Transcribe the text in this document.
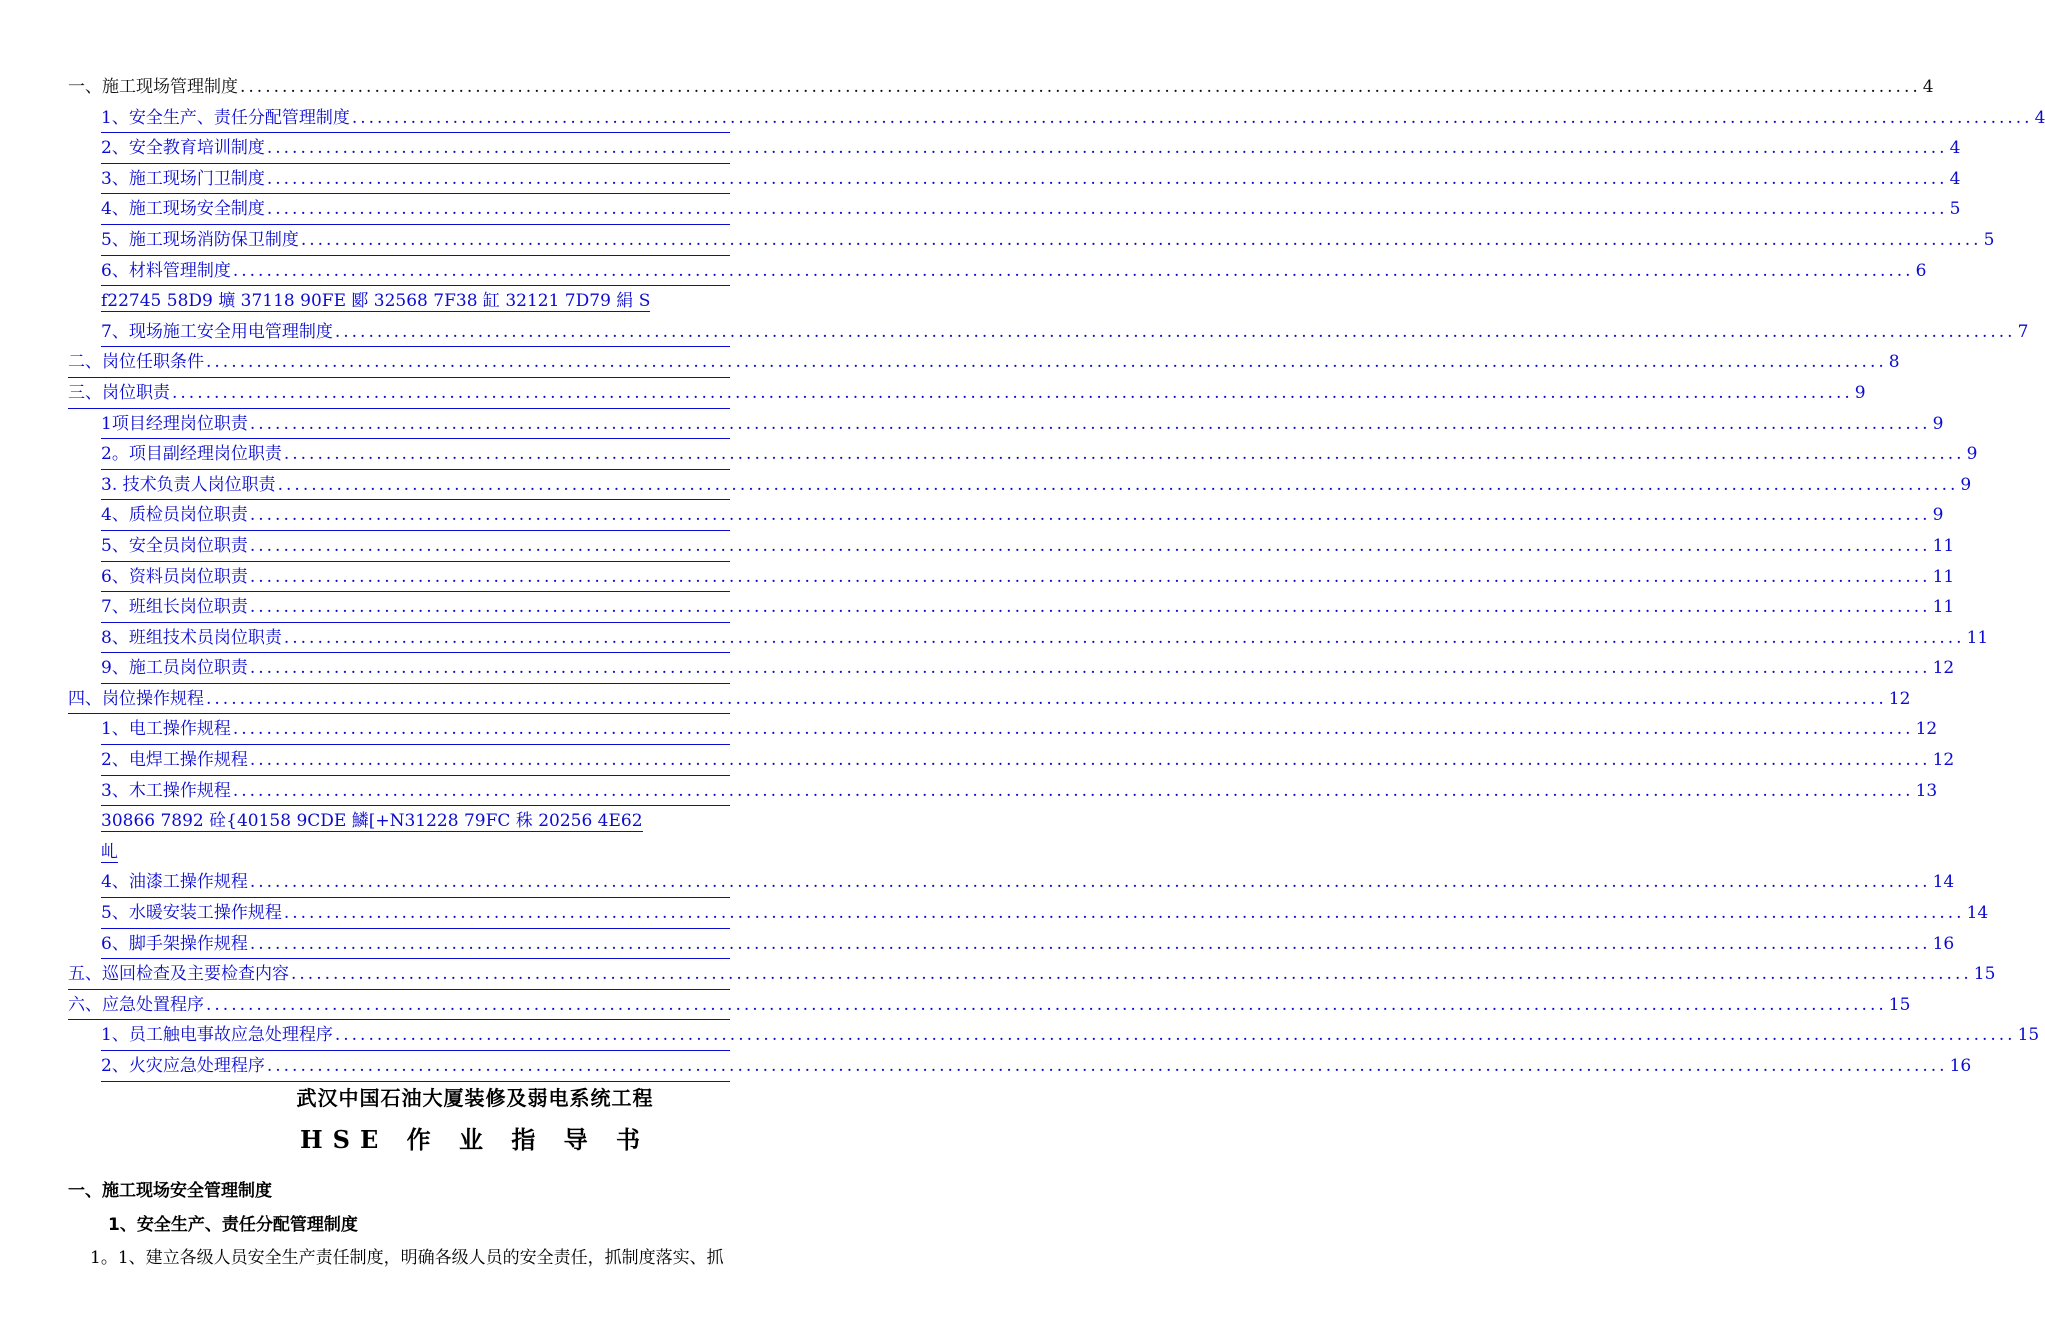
一、施工现场管理制度 ........................................................................................................................................................................................................ 4
1、安全生产、责任分配管理制度 ........................................................................................................................................................................................................ 4
2、安全教育培训制度 ........................................................................................................................................................................................................ 4
3、施工现场门卫制度 ........................................................................................................................................................................................................ 4
4、施工现场安全制度 ........................................................................................................................................................................................................ 5
5、施工现场消防保卫制度 ........................................................................................................................................................................................................ 5
6、材料管理制度 ........................................................................................................................................................................................................ 6
f22745 58D9 壙 37118 90FE 郾 32568 7F38 缸 32121 7D79 絹 S
7、现场施工安全用电管理制度 ........................................................................................................................................................................................................ 7
二、岗位任职条件 ........................................................................................................................................................................................................ 8
三、岗位职责 ........................................................................................................................................................................................................ 9
1项目经理岗位职责 ........................................................................................................................................................................................................ 9
2。项目副经理岗位职责 ........................................................................................................................................................................................................ 9
3. 技术负责人岗位职责 ........................................................................................................................................................................................................ 9
4、质检员岗位职责 ........................................................................................................................................................................................................ 9
5、安全员岗位职责 ........................................................................................................................................................................................................ 11
6、资料员岗位职责 ........................................................................................................................................................................................................ 11
7、班组长岗位职责 ........................................................................................................................................................................................................ 11
8、班组技术员岗位职责 ........................................................................................................................................................................................................ 11
9、施工员岗位职责 ........................................................................................................................................................................................................ 12
四、岗位操作规程 ........................................................................................................................................................................................................ 12
1、电工操作规程 ........................................................................................................................................................................................................ 12
2、电焊工操作规程 ........................................................................................................................................................................................................ 12
3、木工操作规程 ........................................................................................................................................................................................................ 13
30866 7892 硂{40158 9CDE 鱗[+N31228 79FC 秼 20256 4E62 乢
4、油漆工操作规程 ........................................................................................................................................................................................................ 14
5、水暖安装工操作规程 ........................................................................................................................................................................................................ 14
6、脚手架操作规程 ........................................................................................................................................................................................................ 16
五、巡回检查及主要检查内容 ........................................................................................................................................................................................................ 15
六、应急处置程序 ........................................................................................................................................................................................................ 15
1、员工触电事故应急处理程序 ........................................................................................................................................................................................................ 15
2、火灾应急处理程序 ........................................................................................................................................................................................................ 16
武汉中国石油大厦装修及弱电系统工程
HSE 作 业 指 导 书
一、施工现场安全管理制度
1、安全生产、责任分配管理制度
1。1、建立各级人员安全生产责任制度，明确各级人员的安全责任，抓制度落实、抓
